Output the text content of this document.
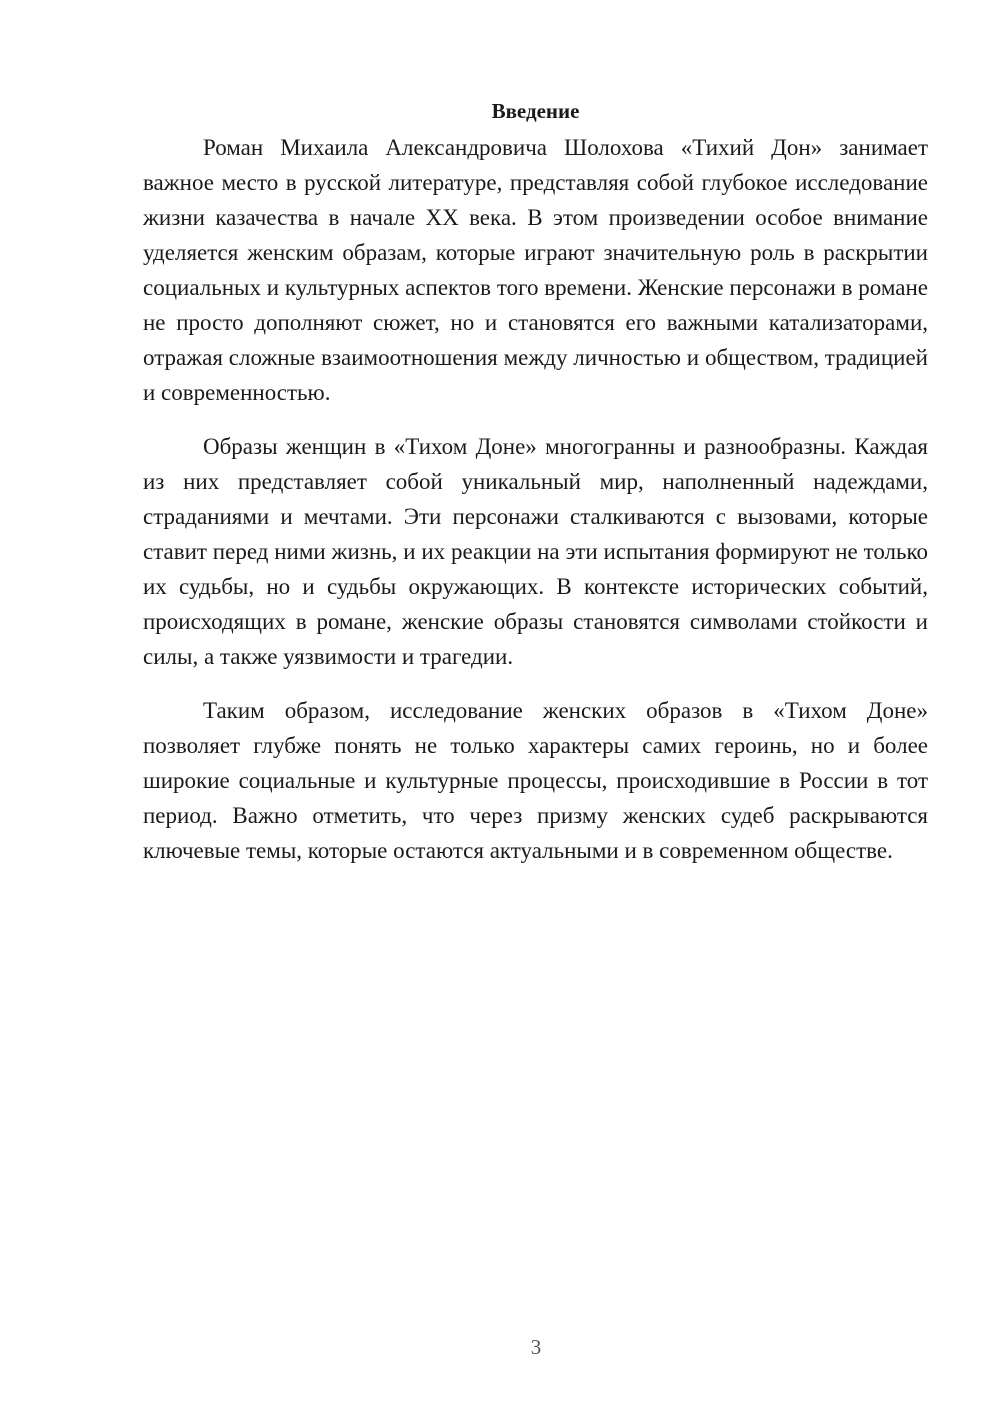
Введение

Роман Михаила Александровича Шолохова «Тихий Дон» занимает важное место в русской литературе, представляя собой глубокое исследование жизни казачества в начале XX века. В этом произведении особое внимание уделяется женским образам, которые играют значительную роль в раскрытии социальных и культурных аспектов того времени. Женские персонажи в романе не просто дополняют сюжет, но и становятся его важными катализаторами, отражая сложные взаимоотношения между личностью и обществом, традицией и современностью.

Образы женщин в «Тихом Доне» многогранны и разнообразны. Каждая из них представляет собой уникальный мир, наполненный надеждами, страданиями и мечтами. Эти персонажи сталкиваются с вызовами, которые ставит перед ними жизнь, и их реакции на эти испытания формируют не только их судьбы, но и судьбы окружающих. В контексте исторических событий, происходящих в романе, женские образы становятся символами стойкости и силы, а также уязвимости и трагедии.

Таким образом, исследование женских образов в «Тихом Доне» позволяет глубже понять не только характеры самих героинь, но и более широкие социальные и культурные процессы, происходившие в России в тот период. Важно отметить, что через призму женских судеб раскрываются ключевые темы, которые остаются актуальными и в современном обществе.

3
